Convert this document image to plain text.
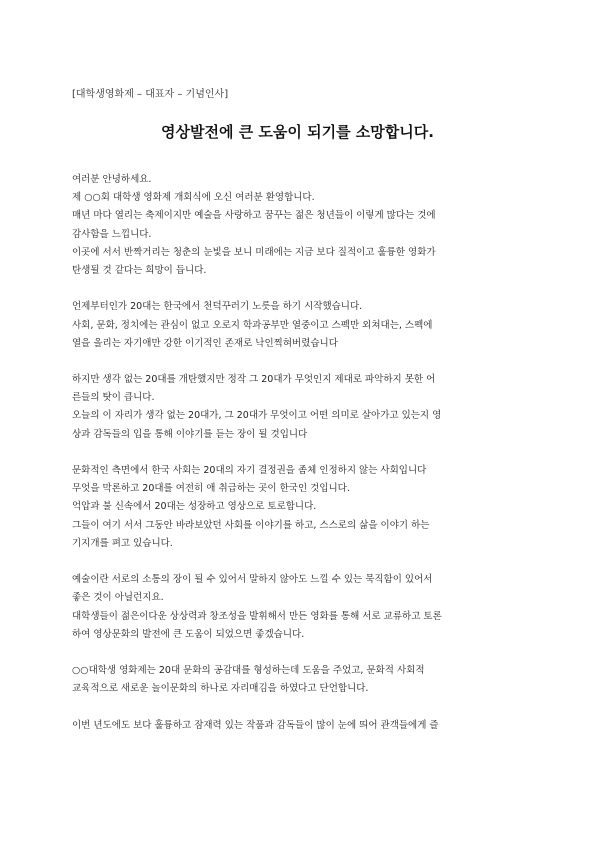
[대학생영화제 – 대표자 – 기념인사]
영상발전에 큰 도움이 되기를 소망합니다.
여러분 안녕하세요.
제 ○○회 대학생 영화제 개회식에 오신 여러분 환영합니다.
매년 마다 열리는 축제이지만 예술을 사랑하고 꿈꾸는 젊은 청년들이 이렇게 많다는 것에
감사함을 느낍니다.
이곳에 서서 반짝거리는 청춘의 눈빛을 보니 미래에는 지금 보다 질적이고 훌륭한 영화가
탄생될 것 같다는 희망이 듭니다.
언제부터인가 20대는 한국에서 천덕꾸러기 노릇을 하기 시작했습니다.
사회, 문화, 정치에는 관심이 없고 오로지 학과공부만 열중이고 스펙만 외쳐대는, 스펙에
열을 올리는 자기애만 강한 이기적인 존재로 낙인찍혀버렸습니다
하지만 생각 없는 20대를 개탄했지만 정작 그 20대가 무엇인지 제대로 파악하지 못한 어
른들의 탓이 큽니다.
오늘의 이 자리가 생각 없는 20대가, 그 20대가 무엇이고 어떤 의미로 살아가고 있는지 영
상과 감독들의 입을 통해 이야기를 듣는 장이 될 것입니다
문화적인 측면에서 한국 사회는 20대의 자기 결정권을 좀체 인정하지 않는 사회입니다
무엇을 막론하고 20대를 여전히 애 취급하는 곳이 한국인 것입니다.
억압과 불 신속에서 20대는 성장하고 영상으로 토로합니다.
그들이 여기 서서 그동안 바라보았던 사회를 이야기를 하고, 스스로의 삶을 이야기 하는
기지개를 펴고 있습니다.
예술이란 서로의 소통의 장이 될 수 있어서 말하지 않아도 느낄 수 있는 묵직함이 있어서
좋은 것이 아닐런지요.
대학생들이 젊은이다운 상상력과 창조성을 발휘해서 만든 영화를 통해 서로 교류하고 토론
하여 영상문화의 발전에 큰 도움이 되었으면 좋겠습니다.
○○대학생 영화제는 20대 문화의 공감대를 형성하는데 도움을 주었고, 문화적 사회적
교육적으로 새로운 놀이문화의 하나로 자리매김을 하였다고 단언합니다.
이번 년도에도 보다 훌륭하고 잠재력 있는 작품과 감독들이 많이 눈에 띄어 관객들에게 즐
